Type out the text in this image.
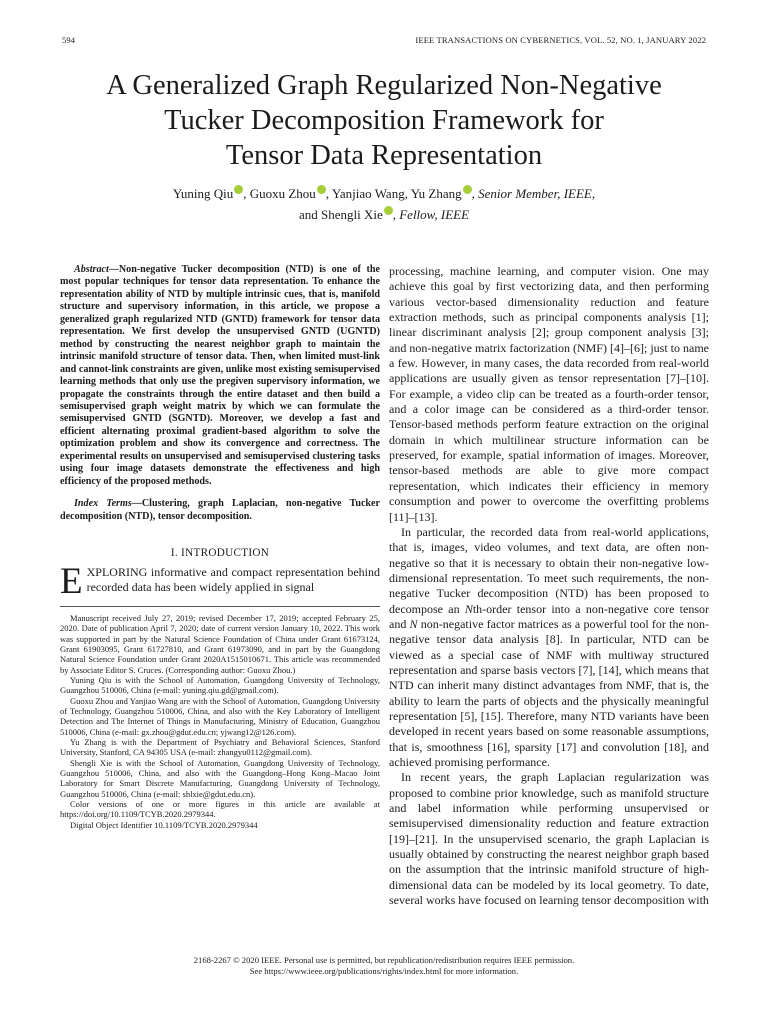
594	IEEE TRANSACTIONS ON CYBERNETICS, VOL. 52, NO. 1, JANUARY 2022
A Generalized Graph Regularized Non-Negative
Tucker Decomposition Framework for
Tensor Data Representation
Yuning Qiu , Guoxu Zhou , Yanjiao Wang, Yu Zhang , Senior Member, IEEE,
and Shengli Xie , Fellow, IEEE

Abstract—Non-negative Tucker decomposition (NTD) is one of the most popular techniques for tensor data representation. To enhance the representation ability of NTD by multiple intrinsic cues, that is, manifold structure and supervisory information, in this article, we propose a generalized graph regularized NTD (GNTD) framework for tensor data representation. We first develop the unsupervised GNTD (UGNTD) method by constructing the nearest neighbor graph to maintain the intrinsic manifold structure of tensor data. Then, when limited must-link and cannot-link constraints are given, unlike most existing semisupervised learning methods that only use the pregiven supervisory information, we propagate the constraints through the entire dataset and then build a semisupervised graph weight matrix by which we can formulate the semisupervised GNTD (SGNTD). Moreover, we develop a fast and efficient alternating proximal gradient-based algorithm to solve the optimization problem and show its convergence and correctness. The experimental results on unsupervised and semisupervised clustering tasks using four image datasets demonstrate the effectiveness and high efficiency of the proposed methods.

Index Terms—Clustering, graph Laplacian, non-negative Tucker decomposition (NTD), tensor decomposition.

I. INTRODUCTION

EXPLORING informative and compact representation behind recorded data has been widely applied in signal

Manuscript received July 27, 2019; revised December 17, 2019; accepted February 25, 2020. Date of publication April 7, 2020; date of current version January 10, 2022. This work was supported in part by the Natural Science Foundation of China under Grant 61673124, Grant 61903095, Grant 61727810, and Grant 61973090, and in part by the Guangdong Natural Science Foundation under Grant 2020A1515010671. This article was recommended by Associate Editor S. Cruces. (Corresponding author: Guoxu Zhou.)

Yuning Qiu is with the School of Automation, Guangdong University of Technology, Guangzhou 510006, China (e-mail: yuning.qiu.gd@gmail.com).

Guoxu Zhou and Yanjiao Wang are with the School of Automation, Guangdong University of Technology, Guangzhou 510006, China, and also with the Key Laboratory of Intelligent Detection and The Internet of Things in Manufacturing, Ministry of Education, Guangzhou 510006, China (e-mail: gx.zhou@gdut.edu.cn; yjwang12@126.com).

Yu Zhang is with the Department of Psychiatry and Behavioral Sciences, Stanford University, Stanford, CA 94305 USA (e-mail: zhangyu0112@gmail.com).

Shengli Xie is with the School of Automation, Guangdong University of Technology, Guangzhou 510006, China, and also with the Guangdong–Hong Kong–Macao Joint Laboratory for Smart Discrete Manufacturing, Guangdong University of Technology, Guangzhou 510006, China (e-mail: shlxie@gdut.edu.cn).

Color versions of one or more figures in this article are available at https://doi.org/10.1109/TCYB.2020.2979344.

Digital Object Identifier 10.1109/TCYB.2020.2979344

processing, machine learning, and computer vision. One may achieve this goal by first vectorizing data, and then performing various vector-based dimensionality reduction and feature extraction methods, such as principal components analysis [1]; linear discriminant analysis [2]; group component analysis [3]; and non-negative matrix factorization (NMF) [4]–[6]; just to name a few. However, in many cases, the data recorded from real-world applications are usually given as tensor representation [7]–[10]. For example, a video clip can be treated as a fourth-order tensor, and a color image can be considered as a third-order tensor. Tensor-based methods perform feature extraction on the original domain in which multilinear structure information can be preserved, for example, spatial information of images. Moreover, tensor-based methods are able to give more compact representation, which indicates their efficiency in memory consumption and power to overcome the overfitting problems [11]–[13].

In particular, the recorded data from real-world applications, that is, images, video volumes, and text data, are often non-negative so that it is necessary to obtain their non-negative low-dimensional representation. To meet such requirements, the non-negative Tucker decomposition (NTD) has been proposed to decompose an Nth-order tensor into a non-negative core tensor and N non-negative factor matrices as a powerful tool for the non-negative tensor data analysis [8]. In particular, NTD can be viewed as a special case of NMF with multiway structured representation and sparse basis vectors [7], [14], which means that NTD can inherit many distinct advantages from NMF, that is, the ability to learn the parts of objects and the physically meaningful representation [5], [15]. Therefore, many NTD variants have been developed in recent years based on some reasonable assumptions, that is, smoothness [16], sparsity [17] and convolution [18], and achieved promising performance.

In recent years, the graph Laplacian regularization was proposed to combine prior knowledge, such as manifold structure and label information while performing unsupervised or semisupervised dimensionality reduction and feature extraction [19]–[21]. In the unsupervised scenario, the graph Laplacian is usually obtained by constructing the nearest neighbor graph based on the assumption that the intrinsic manifold structure of high-dimensional data can be modeled by its local geometry. To date, several works have focused on learning tensor decomposition with

2168-2267 © 2020 IEEE. Personal use is permitted, but republication/redistribution requires IEEE permission.
See https://www.ieee.org/publications/rights/index.html for more information.
